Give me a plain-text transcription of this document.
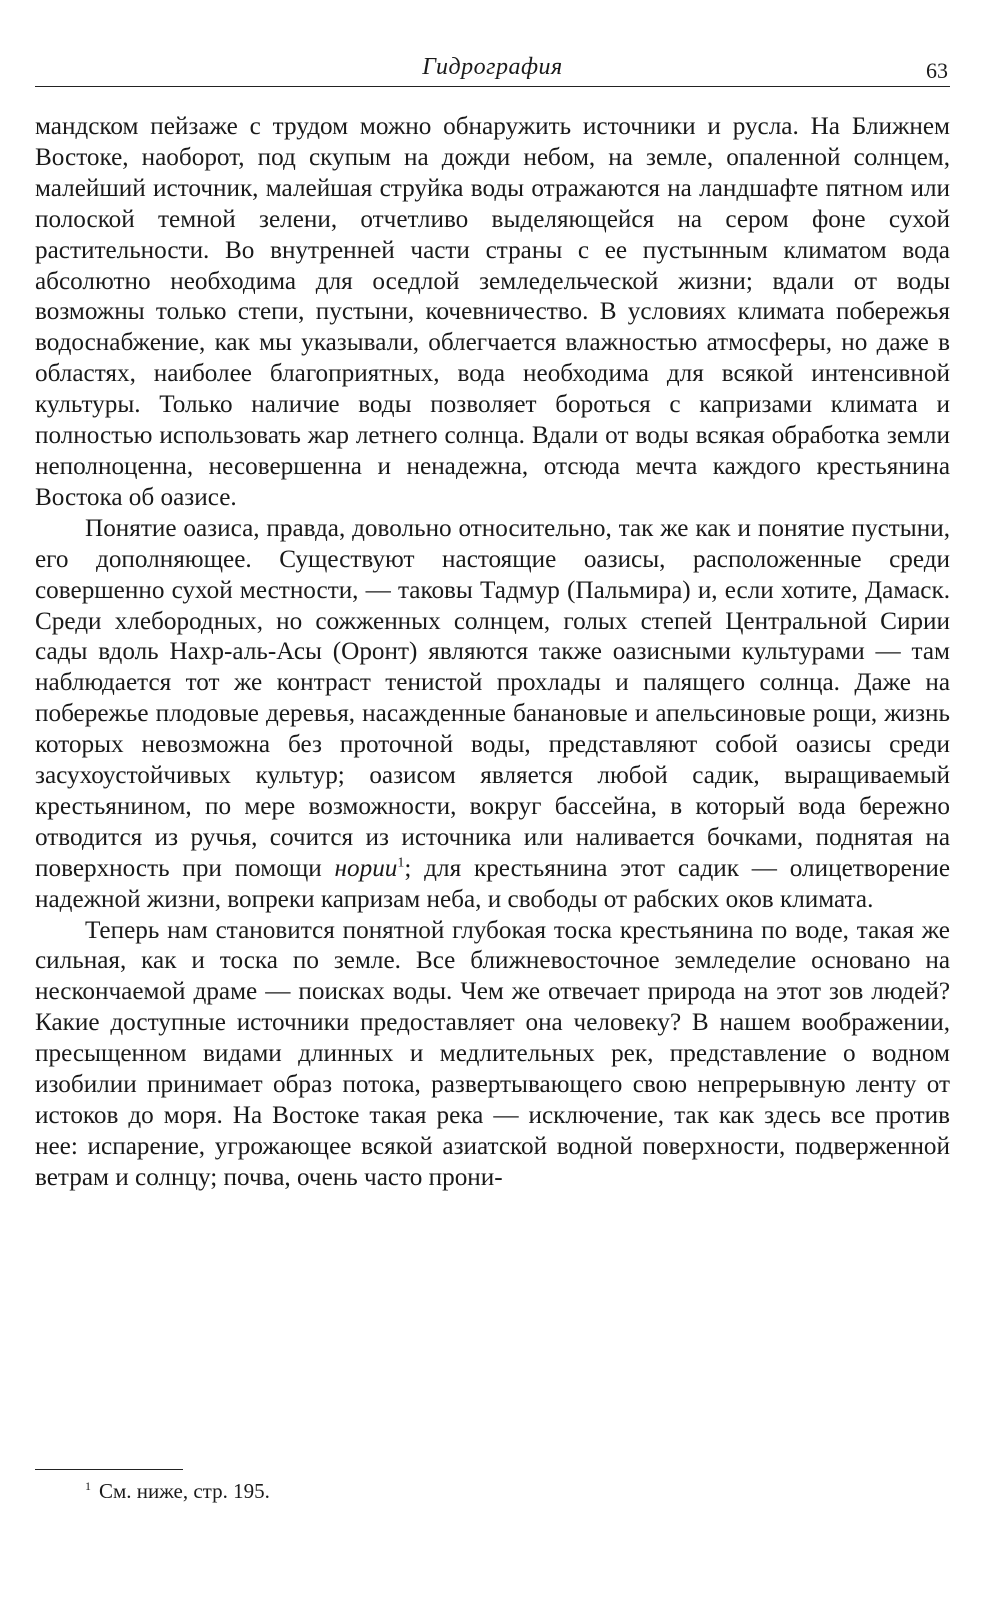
Гидрография	63

мандском пейзаже с трудом можно обнаружить источники и русла. На Ближнем Востоке, наоборот, под скупым на дожди небом, на земле, опаленной солнцем, малейший источник, малейшая струйка воды отражаются на ландшафте пятном или полоской темной зелени, отчетливо выделяющейся на сером фоне сухой растительности. Во внутренней части страны с ее пустынным климатом вода абсолютно необходима для оседлой земледельческой жизни; вдали от воды возможны только степи, пустыни, кочевничество. В условиях климата побережья водоснабжение, как мы указывали, облегчается влажностью атмосферы, но даже в областях, наиболее благоприятных, вода необходима для всякой интенсивной культуры. Только наличие воды позволяет бороться с капризами климата и полностью использовать жар летнего солнца. Вдали от воды всякая обработка земли неполноценна, несовершенна и ненадежна, отсюда мечта каждого крестьянина Востока об оазисе.

Понятие оазиса, правда, довольно относительно, так же как и понятие пустыни, его дополняющее. Существуют настоящие оазисы, расположенные среди совершенно сухой местности, — таковы Тадмур (Пальмира) и, если хотите, Дамаск. Среди хлебородных, но сожженных солнцем, голых степей Центральной Сирии сады вдоль Нахр-аль-Асы (Оронт) являются также оазисными культурами — там наблюдается тот же контраст тенистой прохлады и палящего солнца. Даже на побережье плодовые деревья, насажденные банановые и апельсиновые рощи, жизнь которых невозможна без проточной воды, представляют собой оазисы среди засухоустойчивых культур; оазисом является любой садик, выращиваемый крестьянином, по мере возможности, вокруг бассейна, в который вода бережно отводится из ручья, сочится из источника или наливается бочками, поднятая на поверхность при помощи нории$^1$; для крестьянина этот садик — олицетворение надежной жизни, вопреки капризам неба, и свободы от рабских оков климата.

Теперь нам становится понятной глубокая тоска крестьянина по воде, такая же сильная, как и тоска по земле. Все ближневосточное земледелие основано на нескончаемой драме — поисках воды. Чем же отвечает природа на этот зов людей? Какие доступные источники предоставляет она человеку? В нашем воображении, пресыщенном видами длинных и медлительных рек, представление о водном изобилии принимает образ потока, развертывающего свою непрерывную ленту от истоков до моря. На Востоке такая река — исключение, так как здесь все против нее: испарение, угрожающее всякой азиатской водной поверхности, подверженной ветрам и солнцу; почва, очень часто прони-

$^1$ См. ниже, стр. 195.
